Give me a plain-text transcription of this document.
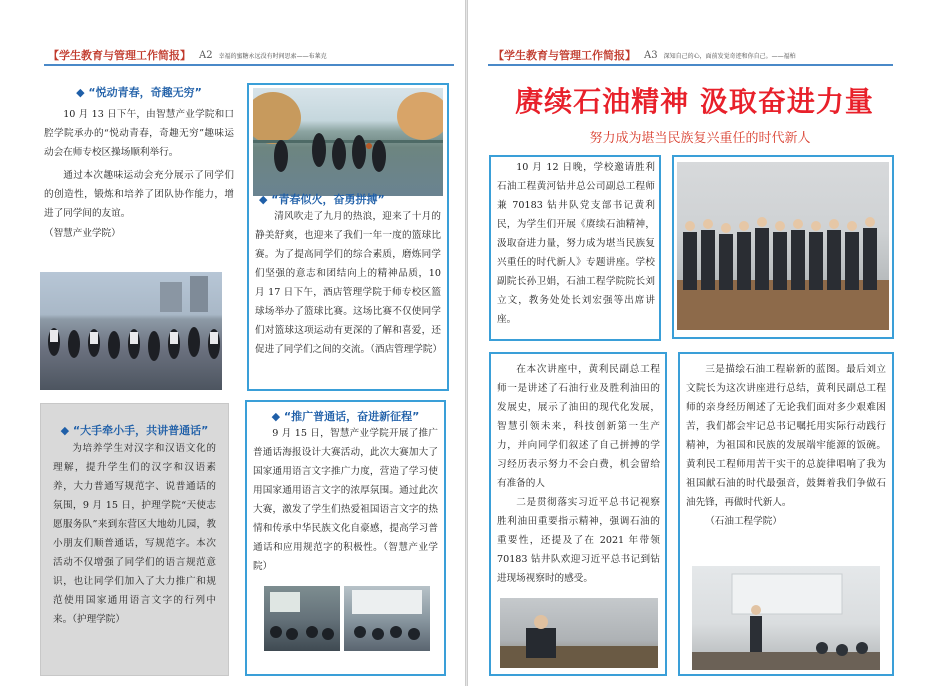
【学生教育与管理工作简报】 A2 幸福的蜜糖永远没有时间思索——布莱克
◆ “悦动青春，奇趣无穷”

10 月 13 日下午，由智慧产业学院和口腔学院承办的“悦动青春，奇趣无穷”趣味运动会在师专校区操场顺利举行。

通过本次趣味运动会充分展示了同学们的创造性，锻炼和培养了团队协作能力，增进了同学间的友谊。

（智慧产业学院）
◆ “青春似火，奋勇拼搏”

清风吹走了九月的热浪，迎来了十月的静美舒爽，也迎来了我们一年一度的篮球比赛。为了提高同学们的综合素质，磨炼同学们坚强的意志和团结向上的精神品质，10 月 17 日下午，酒店管理学院于师专校区篮球场举办了篮球比赛。这场比赛不仅使同学们对篮球这项运动有更深的了解和喜爱，还促进了同学们之间的交流。（酒店管理学院）

◆ “大手牵小手，共讲普通话”

为培养学生对汉字和汉语文化的理解，提升学生们的汉字和汉语素养，大力普通写规范字、说普通话的氛围，9 月 15 日，护理学院“天使志愿服务队”来到东营区大地幼儿园，教小朋友们顺普通话，写规范字。本次活动不仅增强了同学们的语言规范意识，也让同学们加入了大力推广和规范使用国家通用语言文字的行列中来。（护理学院）

◆ “推广普通话，奋进新征程”

9 月 15 日，智慧产业学院开展了推广普通话海报设计大赛活动，此次大赛加大了国家通用语言文字推广力度，营造了学习使用国家通用语言文字的浓厚氛围。通过此次大赛，激发了学生们热爱祖国语言文字的热情和传承中华民族文化自豪感，提高学习普通话和应用规范字的积极性。（智慧产业学院）

【学生教育与管理工作简报】 A3 深知自己的心，面前发觉奇迹和你自己。——福柏
赓续石油精神 汲取奋进力量
努力成为堪当民族复兴重任的时代新人

10 月 12 日晚，学校邀请胜利石油工程黄河钻井总公司副总工程师兼 70183 钻井队党支部书记黄利民，为学生们开展《赓续石油精神，汲取奋进力量，努力成为堪当民族复兴重任的时代新人》专题讲座。学校副院长孙卫娟，石油工程学院院长刘立文，教务处处长刘宏强等出席讲座。

在本次讲座中，黄利民副总工程师一是讲述了石油行业及胜利油田的发展史，展示了油田的现代化发展，智慧引领未来，科技创新第一生产力，并向同学们叙述了自己拼搏的学习经历表示努力不会白费，机会留给有准备的人

二是贯彻落实习近平总书记视察胜利油田重要指示精神，强调石油的重要性，还提及了在 2021 年带领 70183 钻井队欢迎习近平总书记到钻进现场视察时的感受。

三是描绘石油工程崭新的蓝图。最后刘立文院长为这次讲座进行总结，黄利民副总工程师的亲身经历阐述了无论我们面对多少艰难困苦，我们都会牢记总书记嘱托用实际行动践行精神，为祖国和民族的发展端牢能源的饭碗。黄利民工程师用苦干实干的总旋律唱响了我为祖国献石油的时代最强音，鼓舞着我们争做石油先锋，再做时代新人。

（石油工程学院）
